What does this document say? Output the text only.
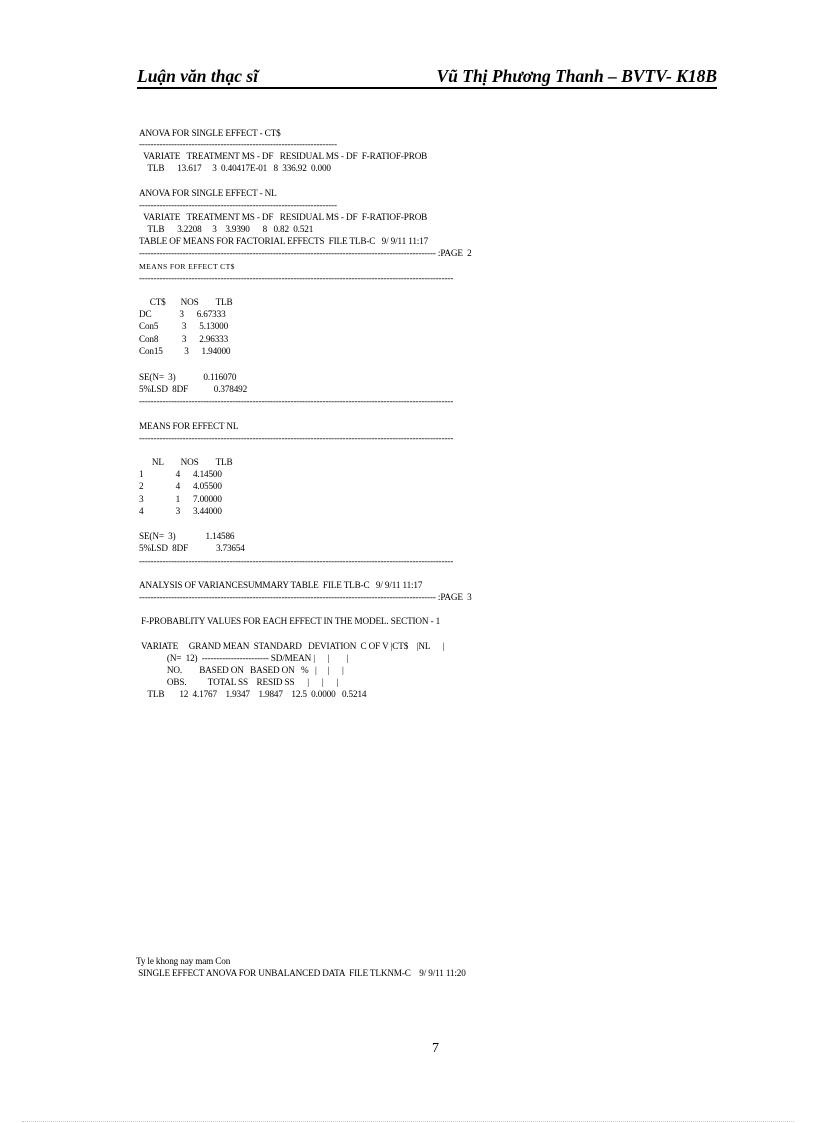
Luận văn thạc sĩ	Vũ Thị Phương Thanh – BVTV- K18B
ANOVA FOR SINGLE EFFECT - CT$
--------------------------------------------------------------------
VARIATE   TREATMENT MS - DF   RESIDUAL MS - DF  F-RATIOF-PROB
TLB      13.617     3  0.40417E-01   8  336.92  0.000
ANOVA FOR SINGLE EFFECT - NL
--------------------------------------------------------------------
VARIATE   TREATMENT MS - DF   RESIDUAL MS - DF  F-RATIOF-PROB
TLB      3.2208     3    3.9390      8   0.82  0.521
TABLE OF MEANS FOR FACTORIAL EFFECTS  FILE TLB-C   9/ 9/11 11:17
------------------------------------------------------------------------------------------------------ :PAGE  2
MEANS FOR EFFECT CT$
------------------------------------------------------------------------------------------------------------
CT$       NOS        TLB
DC             3      6.67333
Con5           3      5.13000
Con8           3      2.96333
Con15          3      1.94000
SE(N=  3)             0.116070
5%LSD  8DF            0.378492
------------------------------------------------------------------------------------------------------------
MEANS FOR EFFECT NL
------------------------------------------------------------------------------------------------------------
NL        NOS        TLB
1               4      4.14500
2               4      4.05500
3               1      7.00000
4               3      3.44000
SE(N=  3)              1.14586
5%LSD  8DF             3.73654
------------------------------------------------------------------------------------------------------------
ANALYSIS OF VARIANCESUMMARY TABLE  FILE TLB-C   9/ 9/11 11:17
------------------------------------------------------------------------------------------------------ :PAGE  3
F-PROBABLITY VALUES FOR EACH EFFECT IN THE MODEL. SECTION - 1
VARIATE     GRAND MEAN  STANDARD   DEVIATION  C OF V |CT$    |NL      |
(N=  12)  ----------------------- SD/MEAN |      |        |
NO.        BASED ON   BASED ON   %   |     |      |
OBS.          TOTAL SS    RESID SS      |      |      |
TLB       12  4.1767    1.9347    1.9847    12.5  0.0000   0.5214
Ty le khong nay mam Con
SINGLE EFFECT ANOVA FOR UNBALANCED DATA  FILE TLKNM-C    9/ 9/11 11:20
7
